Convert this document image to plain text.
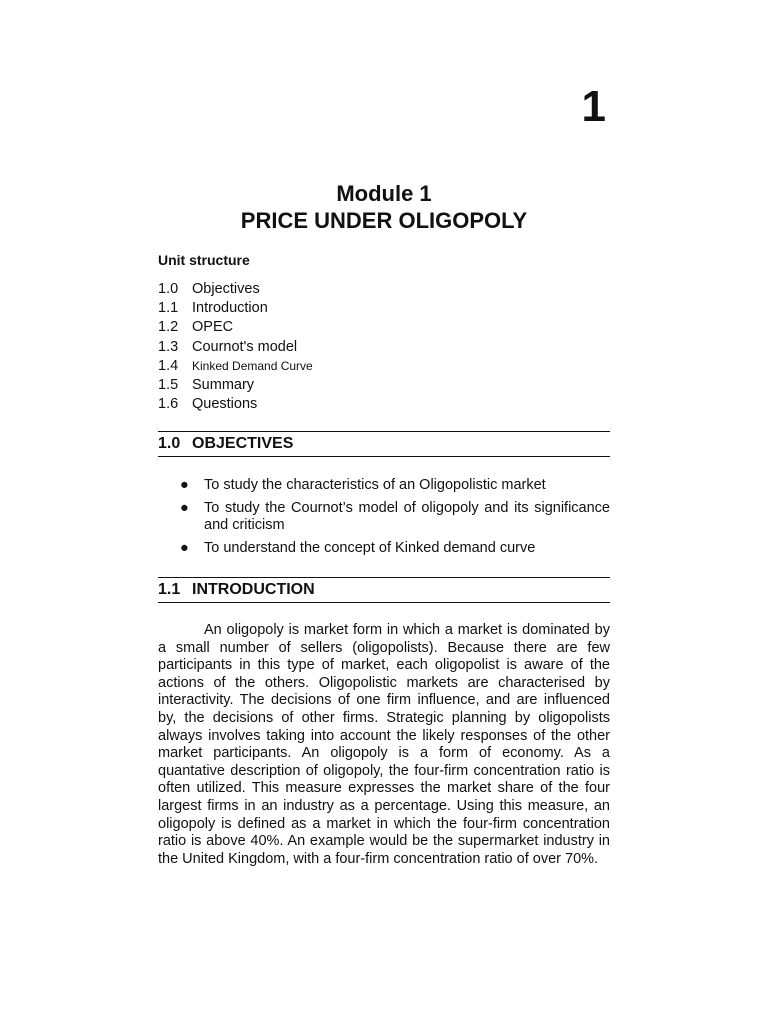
1
Module 1
PRICE UNDER OLIGOPOLY
Unit structure
1.0 Objectives
1.1 Introduction
1.2 OPEC
1.3 Cournot's model
1.4	Kinked Demand Curve
1.5 Summary
1.6 Questions
1.0 OBJECTIVES
● To study the characteristics of an Oligopolistic market
● To study the Cournot’s model of oligopoly and its significance and criticism
● To understand the concept of Kinked demand curve
1.1 INTRODUCTION

An oligopoly is market form in which a market is dominated by a small number of sellers (oligopolists). Because there are few participants in this type of market, each oligopolist is aware of the actions of the others. Oligopolistic markets are characterised by interactivity. The decisions of one firm influence, and are influenced by, the decisions of other firms. Strategic planning by oligopolists always involves taking into account the likely responses of the other market participants. An oligopoly is a form of economy. As a quantative description of oligopoly, the four-firm concentration ratio is often utilized. This measure expresses the market share of the four largest firms in an industry as a percentage. Using this measure, an oligopoly is defined as a market in which the four-firm concentration ratio is above 40%. An example would be the supermarket industry in the United Kingdom, with a four-firm concentration ratio of over 70%.
